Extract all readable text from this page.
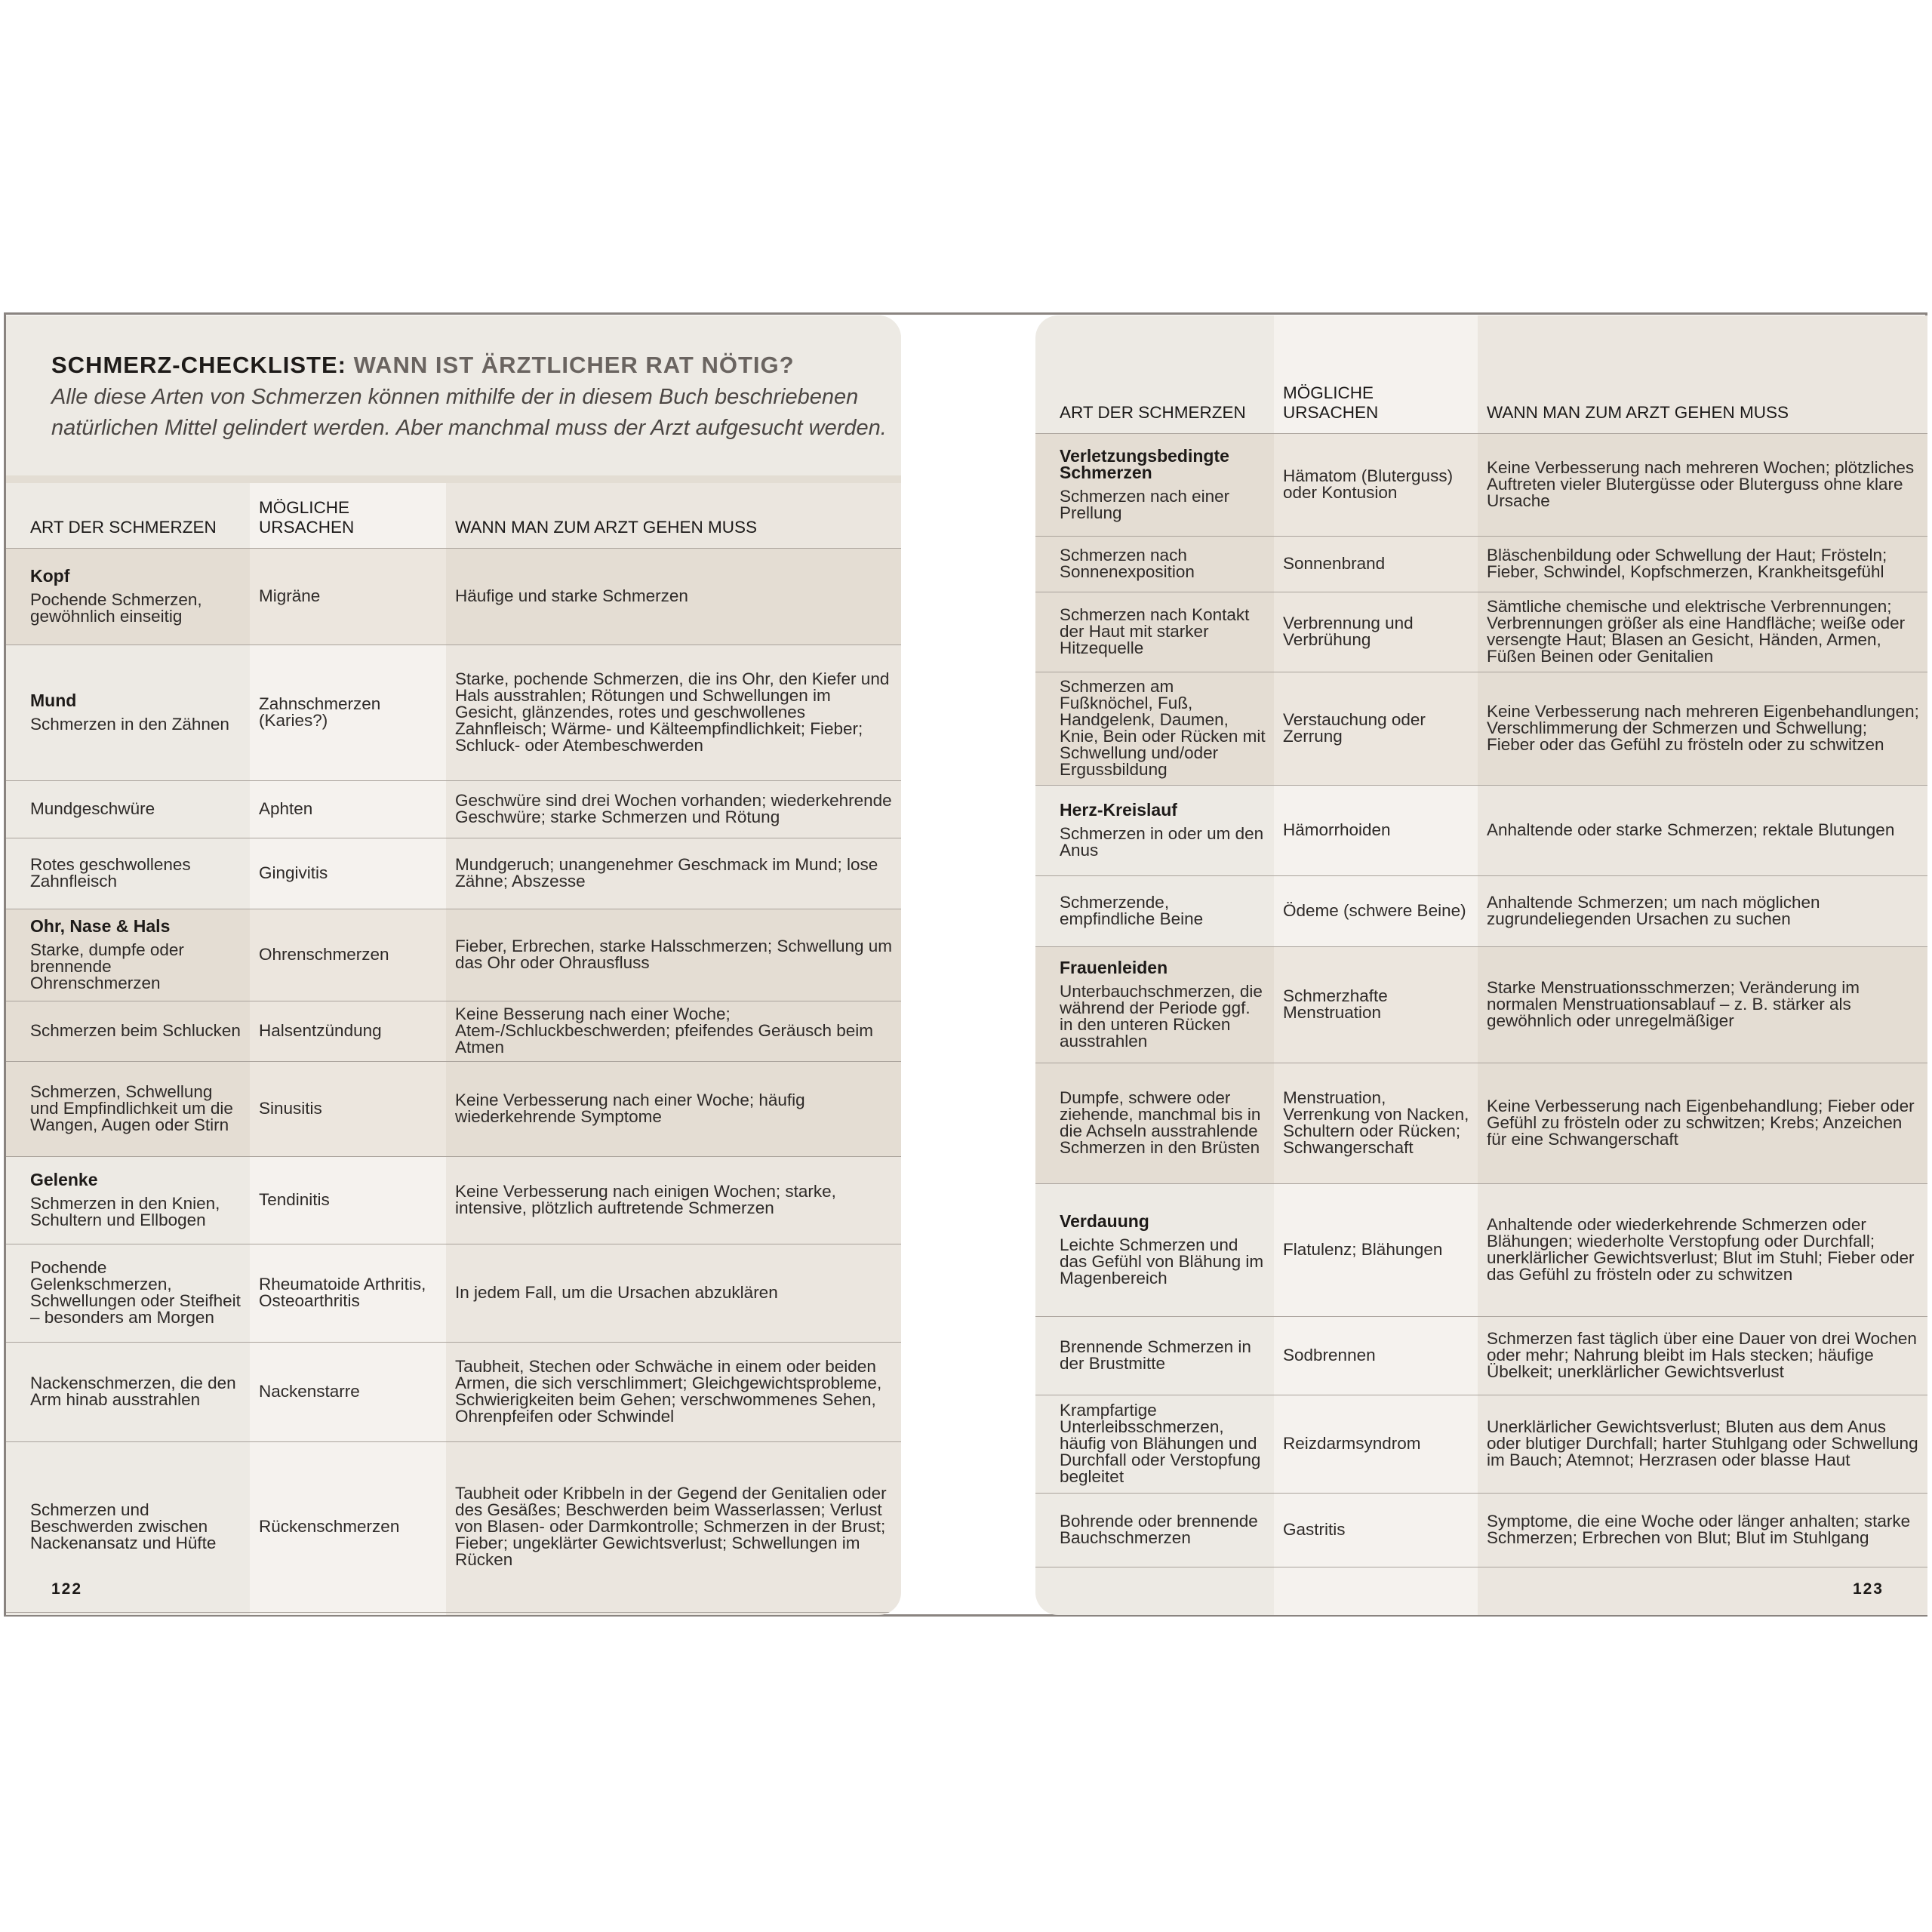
SCHMERZ-CHECKLISTE: WANN IST ÄRZTLICHER RAT NÖTIG?
Alle diese Arten von Schmerzen können mithilfe der in diesem Buch beschriebenen natürlichen Mittel gelindert werden. Aber manchmal muss der Arzt aufgesucht werden.
ART DER SCHMERZEN	MÖGLICHE URSACHEN	WANN MAN ZUM ARZT GEHEN MUSS

Kopf
Pochende Schmerzen, gewöhnlich einseitig	Migräne	Häufige und starke Schmerzen

Mund
Schmerzen in den Zähnen	Zahnschmerzen (Karies?)	Starke, pochende Schmerzen, die ins Ohr, den Kiefer und Hals ausstrahlen; Rötungen und Schwellungen im Gesicht, glänzendes, rotes und geschwollenes Zahnfleisch; Wärme- und Kälteempfindlichkeit; Fieber; Schluck- oder Atembeschwerden
Mundgeschwüre	Aphten	Geschwüre sind drei Wochen vorhanden; wiederkehrende Geschwüre; starke Schmerzen und Rötung
Rotes geschwollenes Zahnfleisch	Gingivitis	Mundgeruch; unangenehmer Geschmack im Mund; lose Zähne; Abszesse

Ohr, Nase & Hals
Starke, dumpfe oder brennende Ohrenschmerzen	Ohrenschmerzen	Fieber, Erbrechen, starke Halsschmerzen; Schwellung um das Ohr oder Ohrausfluss
Schmerzen beim Schlucken	Halsentzündung	Keine Besserung nach einer Woche; Atem-/Schluckbeschwerden; pfeifendes Geräusch beim Atmen
Schmerzen, Schwellung und Empfindlichkeit um die Wangen, Augen oder Stirn	Sinusitis	Keine Verbesserung nach einer Woche; häufig wiederkehrende Symptome

Gelenke
Schmerzen in den Knien, Schultern und Ellbogen	Tendinitis	Keine Verbesserung nach einigen Wochen; starke, intensive, plötzlich auftretende Schmerzen
Pochende Gelenkschmerzen, Schwellungen oder Steifheit – besonders am Morgen	Rheumatoide Arthritis, Osteoarthritis	In jedem Fall, um die Ursachen abzuklären
Nackenschmerzen, die den Arm hinab ausstrahlen	Nackenstarre	Taubheit, Stechen oder Schwäche in einem oder beiden Armen, die sich verschlimmert; Gleichgewichtsprobleme, Schwierigkeiten beim Gehen; verschwommenes Sehen, Ohrenpfeifen oder Schwindel
Schmerzen und Beschwerden zwischen Nackenansatz und Hüfte	Rückenschmerzen	Taubheit oder Kribbeln in der Gegend der Genitalien oder des Gesäßes; Beschwerden beim Wasserlassen; Verlust von Blasen- oder Darmkontrolle; Schmerzen in der Brust; Fieber; ungeklärter Gewichtsverlust; Schwellungen im Rücken
122
ART DER SCHMERZEN	MÖGLICHE URSACHEN	WANN MAN ZUM ARZT GEHEN MUSS

Verletzungsbedingte Schmerzen
Schmerzen nach einer Prellung	Hämatom (Bluterguss) oder Kontusion	Keine Verbesserung nach mehreren Wochen; plötzliches Auftreten vieler Blutergüsse oder Bluterguss ohne klare Ursache
Schmerzen nach Sonnenexposition	Sonnenbrand	Bläschenbildung oder Schwellung der Haut; Frösteln; Fieber, Schwindel, Kopfschmerzen, Krankheitsgefühl
Schmerzen nach Kontakt der Haut mit starker Hitzequelle	Verbrennung und Verbrühung	Sämtliche chemische und elektrische Verbrennungen; Verbrennungen größer als eine Handfläche; weiße oder versengte Haut; Blasen an Gesicht, Händen, Armen, Füßen Beinen oder Genitalien
Schmerzen am Fußknöchel, Fuß, Handgelenk, Daumen, Knie, Bein oder Rücken mit Schwellung und/oder Ergussbildung	Verstauchung oder Zerrung	Keine Verbesserung nach mehreren Eigenbehandlungen; Verschlimmerung der Schmerzen und Schwellung; Fieber oder das Gefühl zu frösteln oder zu schwitzen

Herz-Kreislauf
Schmerzen in oder um den Anus	Hämorrhoiden	Anhaltende oder starke Schmerzen; rektale Blutungen
Schmerzende, empfindliche Beine	Ödeme (schwere Beine)	Anhaltende Schmerzen; um nach möglichen zugrundeliegenden Ursachen zu suchen

Frauenleiden
Unterbauchschmerzen, die während der Periode ggf. in den unteren Rücken ausstrahlen	Schmerzhafte Menstruation	Starke Menstruationsschmerzen; Veränderung im normalen Menstruationsablauf – z. B. stärker als gewöhnlich oder unregelmäßiger
Dumpfe, schwere oder ziehende, manchmal bis in die Achseln ausstrahlende Schmerzen in den Brüsten	Menstruation, Verrenkung von Nacken, Schultern oder Rücken; Schwangerschaft	Keine Verbesserung nach Eigenbehandlung; Fieber oder Gefühl zu frösteln oder zu schwitzen; Krebs; Anzeichen für eine Schwangerschaft

Verdauung
Leichte Schmerzen und das Gefühl von Blähung im Magenbereich	Flatulenz; Blähungen	Anhaltende oder wiederkehrende Schmerzen oder Blähungen; wiederholte Verstopfung oder Durchfall; unerklärlicher Gewichtsverlust; Blut im Stuhl; Fieber oder das Gefühl zu frösteln oder zu schwitzen
Brennende Schmerzen in der Brustmitte	Sodbrennen	Schmerzen fast täglich über eine Dauer von drei Wochen oder mehr; Nahrung bleibt im Hals stecken; häufige Übelkeit; unerklärlicher Gewichtsverlust
Krampfartige Unterleibsschmerzen, häufig von Blähungen und Durchfall oder Verstopfung begleitet	Reizdarmsyndrom	Unerklärlicher Gewichtsverlust; Bluten aus dem Anus oder blutiger Durchfall; harter Stuhlgang oder Schwellung im Bauch; Atemnot; Herzrasen oder blasse Haut
Bohrende oder brennende Bauchschmerzen	Gastritis	Symptome, die eine Woche oder länger anhalten; starke Schmerzen; Erbrechen von Blut; Blut im Stuhlgang
123
